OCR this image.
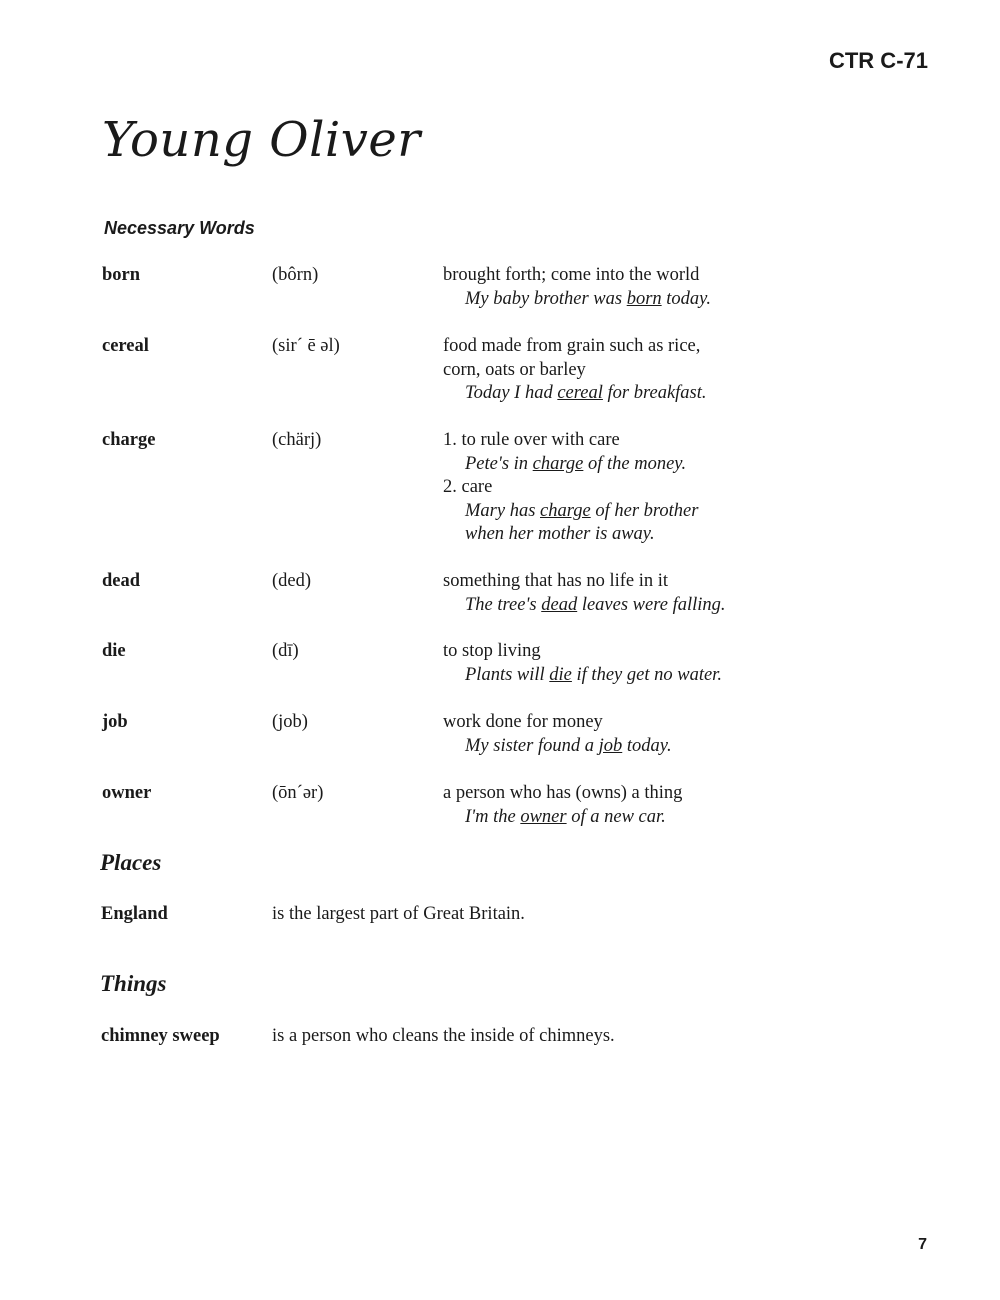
CTR C-71
Young Oliver
Necessary Words
born	(bôrn)	brought forth; come into the world
My baby brother was born today.
cereal	(sir´ ē əl)	food made from grain such as rice,
corn, oats or barley
Today I had cereal for breakfast.
charge	(chärj)	1. to rule over with care
Pete's in charge of the money.
2. care
Mary has charge of her brother
when her mother is away.
dead	(ded)	something that has no life in it
The tree's dead leaves were falling.
die	(dī)	to stop living
Plants will die if they get no water.
job	(job)	work done for money
My sister found a job today.
owner	(ōn´ər)	a person who has (owns) a thing
I'm the owner of a new car.
Places
England	is the largest part of Great Britain.
Things
chimney sweep	is a person who cleans the inside of chimneys.
7
